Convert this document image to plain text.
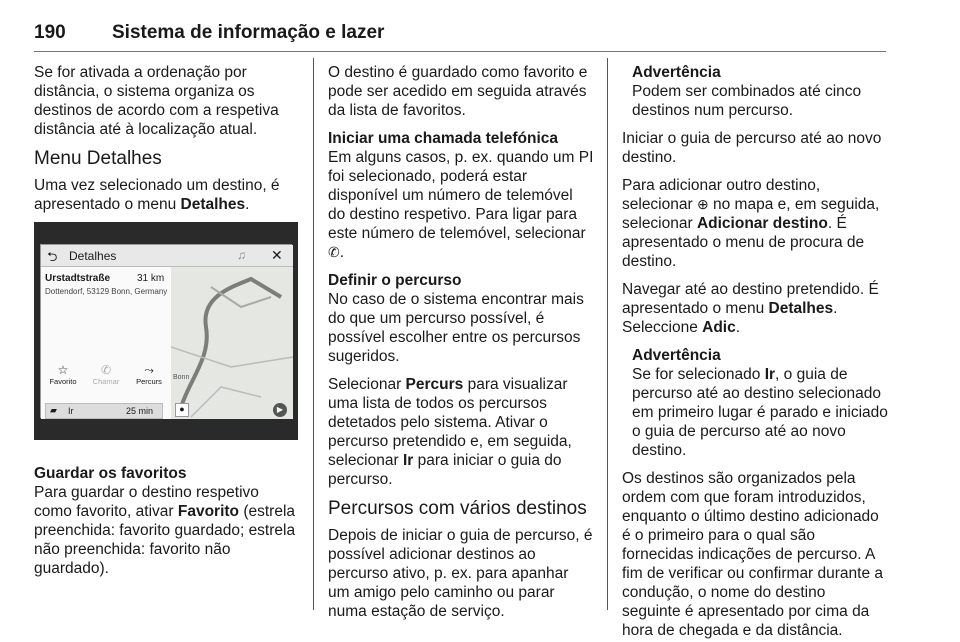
190 Sistema de informação e lazer

Se for ativada a ordenação por distância, o sistema organiza os destinos de acordo com a respetiva distância até à localização atual.

Menu Detalhes

Uma vez selecionado um destino, é apresentado o menu Detalhes.

⮌ Detalhes	♫ ✕
Urstadtstraße	31 km
Dottendorf, 53129 Bonn, Germany
☆
Favorito
✆
Chamar
⤳
Percurs
▰ Ir	25 min
Bonn
●	▶
Guardar os favoritos

Para guardar o destino respetivo como favorito, ativar Favorito (estrela preenchida: favorito guardado; estrela não preenchida: favorito não guardado).

O destino é guardado como favorito e pode ser acedido em seguida através da lista de favoritos.

Iniciar uma chamada telefónica

Em alguns casos, p. ex. quando um PI foi selecionado, poderá estar disponível um número de telemóvel do destino respetivo. Para ligar para este número de telemóvel, selecionar ✆.

Definir o percurso

No caso de o sistema encontrar mais do que um percurso possível, é possível escolher entre os percursos sugeridos.

Selecionar Percurs para visualizar uma lista de todos os percursos detetados pelo sistema. Ativar o percurso pretendido e, em seguida, selecionar Ir para iniciar o guia do percurso.

Percursos com vários destinos

Depois de iniciar o guia de percurso, é possível adicionar destinos ao percurso ativo, p. ex. para apanhar um amigo pelo caminho ou parar numa estação de serviço.

Advertência
Podem ser combinados até cinco destinos num percurso.

Iniciar o guia de percurso até ao novo destino.

Para adicionar outro destino, selecionar ⊕ no mapa e, em seguida, selecionar Adicionar destino. É apresentado o menu de procura de destino.

Navegar até ao destino pretendido. É apresentado o menu Detalhes. Seleccione Adic.

Advertência
Se for selecionado Ir, o guia de percurso até ao destino selecionado em primeiro lugar é parado e iniciado o guia de percurso até ao novo destino.

Os destinos são organizados pela ordem com que foram introduzidos, enquanto o último destino adicionado é o primeiro para o qual são fornecidas indicações de percurso. A fim de verificar ou confirmar durante a condução, o nome do destino seguinte é apresentado por cima da hora de chegada e da distância.
